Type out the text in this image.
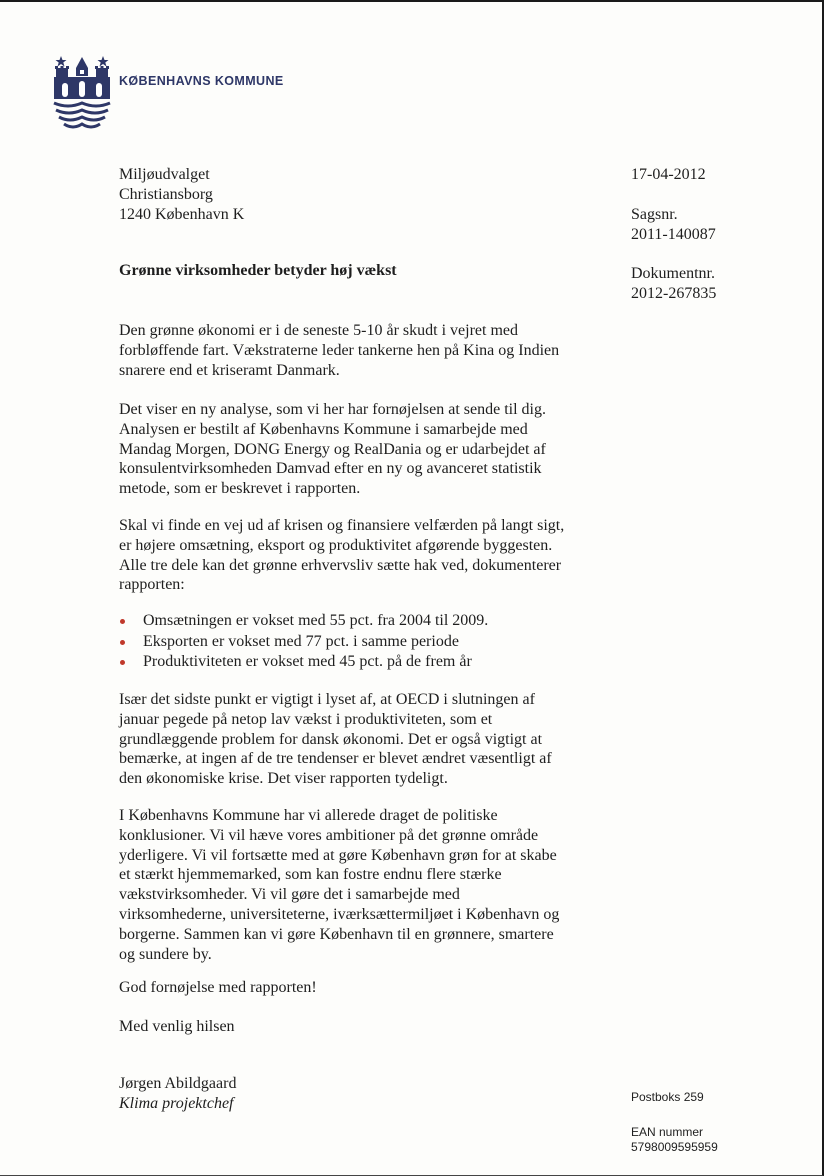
KØBENHAVNS KOMMUNE
Miljøudvalget
Christiansborg
1240 København K
17-04-2012
Sagsnr.
2011-140087
Dokumentnr.
2012-267835
Grønne virksomheder betyder høj vækst
Den grønne økonomi er i de seneste 5-10 år skudt i vejret med
forbløffende fart. Vækstraterne leder tankerne hen på Kina og Indien
snarere end et kriseramt Danmark.
Det viser en ny analyse, som vi her har fornøjelsen at sende til dig.
Analysen er bestilt af Københavns Kommune i samarbejde med
Mandag Morgen, DONG Energy og RealDania og er udarbejdet af
konsulentvirksomheden Damvad efter en ny og avanceret statistik
metode, som er beskrevet i rapporten.
Skal vi finde en vej ud af krisen og finansiere velfærden på langt sigt,
er højere omsætning, eksport og produktivitet afgørende byggesten.
Alle tre dele kan det grønne erhvervsliv sætte hak ved, dokumenterer
rapporten:
Omsætningen er vokset med 55 pct. fra 2004 til 2009.
Eksporten er vokset med 77 pct. i samme periode
Produktiviteten er vokset med 45 pct. på de frem år
Især det sidste punkt er vigtigt i lyset af, at OECD i slutningen af
januar pegede på netop lav vækst i produktiviteten, som et
grundlæggende problem for dansk økonomi. Det er også vigtigt at
bemærke, at ingen af de tre tendenser er blevet ændret væsentligt af
den økonomiske krise. Det viser rapporten tydeligt.
I Københavns Kommune har vi allerede draget de politiske
konklusioner. Vi vil hæve vores ambitioner på det grønne område
yderligere. Vi vil fortsætte med at gøre København grøn for at skabe
et stærkt hjemmemarked, som kan fostre endnu flere stærke
vækstvirksomheder. Vi vil gøre det i samarbejde med
virksomhederne, universiteterne, iværksættermiljøet i København og
borgerne. Sammen kan vi gøre København til en grønnere, smartere
og sundere by.
God fornøjelse med rapporten!
Med venlig hilsen
Jørgen Abildgaard
Klima projektchef	Postboks 259
EAN nummer
5798009595959
